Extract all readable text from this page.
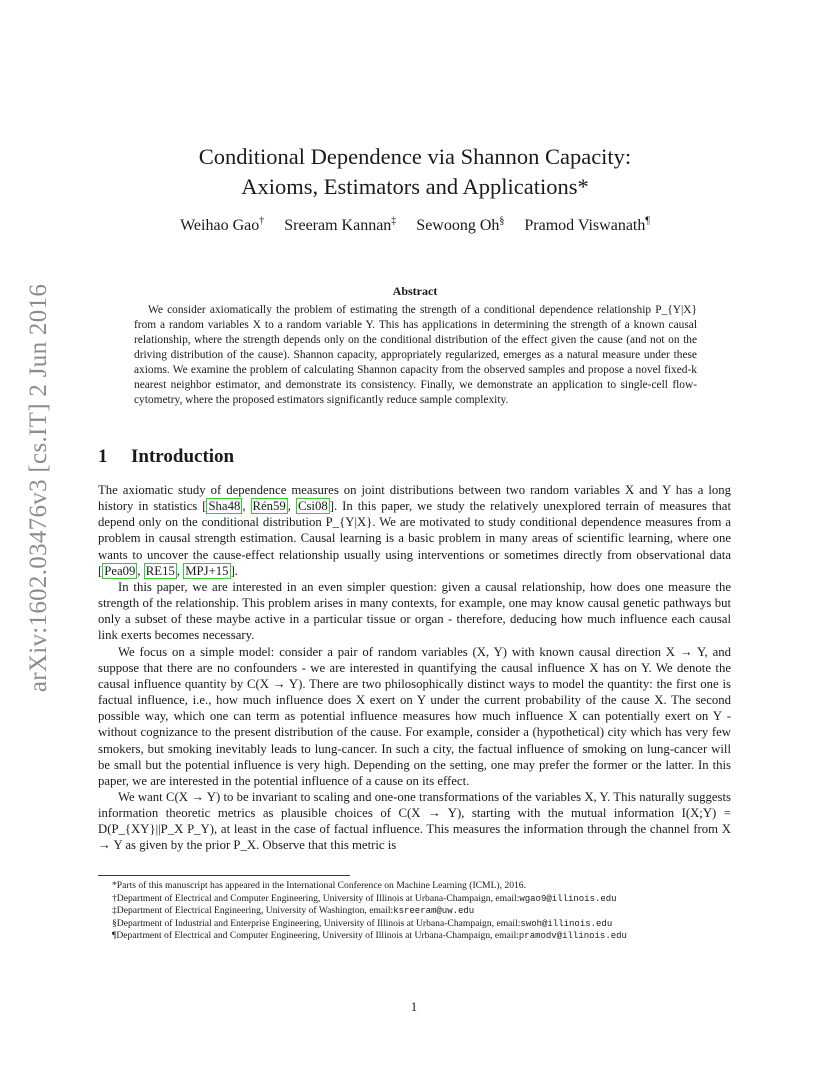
arXiv:1602.03476v3 [cs.IT] 2 Jun 2016
Conditional Dependence via Shannon Capacity:
Axioms, Estimators and Applications*
Weihao Gao† Sreeram Kannan‡ Sewoong Oh§ Pramod Viswanath¶
Abstract

We consider axiomatically the problem of estimating the strength of a conditional dependence relationship P_{Y|X} from a random variables X to a random variable Y. This has applications in determining the strength of a known causal relationship, where the strength depends only on the conditional distribution of the effect given the cause (and not on the driving distribution of the cause). Shannon capacity, appropriately regularized, emerges as a natural measure under these axioms. We examine the problem of calculating Shannon capacity from the observed samples and propose a novel fixed-k nearest neighbor estimator, and demonstrate its consistency. Finally, we demonstrate an application to single-cell flow-cytometry, where the proposed estimators significantly reduce sample complexity.

1 Introduction

The axiomatic study of dependence measures on joint distributions between two random variables X and Y has a long history in statistics [ Sha48 , Rén59 , Csi08 ]. In this paper, we study the relatively unexplored terrain of measures that depend only on the conditional distribution P_{Y|X}. We are motivated to study conditional dependence measures from a problem in causal strength estimation. Causal learning is a basic problem in many areas of scientific learning, where one wants to uncover the cause-effect relationship usually using interventions or sometimes directly from observational data [ Pea09 , RE15 , MPJ+15 ].

In this paper, we are interested in an even simpler question: given a causal relationship, how does one measure the strength of the relationship. This problem arises in many contexts, for example, one may know causal genetic pathways but only a subset of these maybe active in a particular tissue or organ - therefore, deducing how much influence each causal link exerts becomes necessary.

We focus on a simple model: consider a pair of random variables (X, Y) with known causal direction X → Y, and suppose that there are no confounders - we are interested in quantifying the causal influence X has on Y. We denote the causal influence quantity by C(X → Y). There are two philosophically distinct ways to model the quantity: the first one is factual influence, i.e., how much influence does X exert on Y under the current probability of the cause X. The second possible way, which one can term as potential influence measures how much influence X can potentially exert on Y - without cognizance to the present distribution of the cause. For example, consider a (hypothetical) city which has very few smokers, but smoking inevitably leads to lung-cancer. In such a city, the factual influence of smoking on lung-cancer will be small but the potential influence is very high. Depending on the setting, one may prefer the former or the latter. In this paper, we are interested in the potential influence of a cause on its effect.

We want C(X → Y) to be invariant to scaling and one-one transformations of the variables X, Y. This naturally suggests information theoretic metrics as plausible choices of C(X → Y), starting with the mutual information I(X;Y) = D(P_{XY}||P_X P_Y), at least in the case of factual influence. This measures the information through the channel from X → Y as given by the prior P_X. Observe that this metric is

*Parts of this manuscript has appeared in the International Conference on Machine Learning (ICML), 2016.

†Department of Electrical and Computer Engineering, University of Illinois at Urbana-Champaign, email:wgao9@illinois.edu

‡Department of Electrical Engineering, University of Washington, email:ksreeram@uw.edu

§Department of Industrial and Enterprise Engineering, University of Illinois at Urbana-Champaign, email:swoh@illinois.edu

¶Department of Electrical and Computer Engineering, University of Illinois at Urbana-Champaign, email:pramodv@illinois.edu

1
